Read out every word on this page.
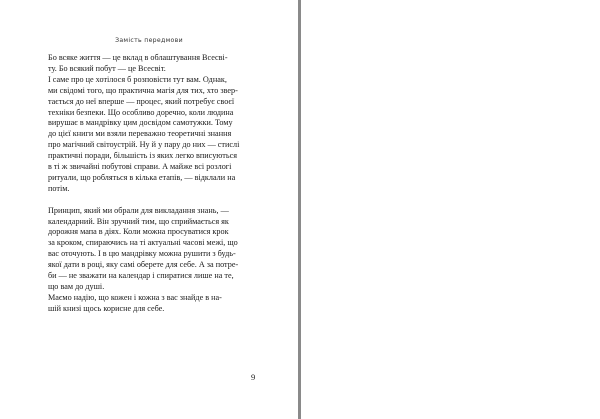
Замість передмови

Бо всяке життя — це вклад в облаштування Всесві-

ту. Бо всякий побут — це Всесвіт.

І саме про це хотілося б розповісти тут вам. Однак,

ми свідомі того, що практична магія для тих, хто звер-

тається до неї вперше — процес, який потребує своєї

техніки безпеки. Що особливо доречно, коли людина

вирушає в мандрівку цим досвідом самотужки. Тому

до цієї книги ми взяли переважно теоретичні знання

про магічний світоустрій. Ну й у пару до них — стислі

практичні поради, більшість із яких легко вписуються

в ті ж звичайні побутові справи. А майже всі розлогі

ритуали, що робляться в кілька етапів, — відклали на

потім.

Принцип, який ми обрали для викладання знань, —

календарний. Він зручний тим, що сприймається як

дорожня мапа в діях. Коли можна просуватися крок

за кроком, спираючись на ті актуальні часові межі, що

вас оточують. І в цю мандрівку можна рушити з будь-

якої дати в році, яку самі оберете для себе. А за потре-

би — не зважати на календар і спиратися лише на те,

що вам до душі.

Маємо надію, що кожен і кожна з вас знайде в на-

шій книзі щось корисне для себе.

9
